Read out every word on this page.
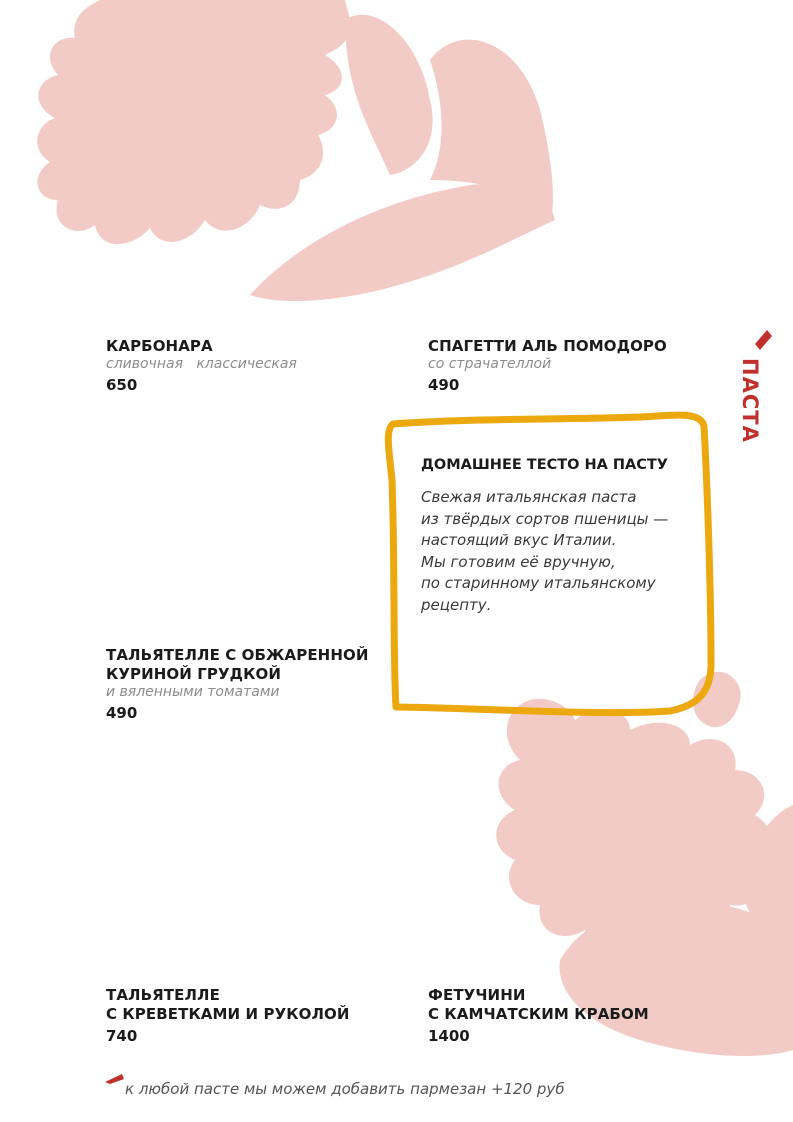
ПАСТА

КАРБОНАРА

сливочная   классическая

650

СПАГЕТТИ АЛЬ ПОМОДОРО

со страчателлой

490

ТАЛЬЯТЕЛЛЕ С ОБЖАРЕННОЙ
КУРИНОЙ ГРУДКОЙ

и вяленными томатами

490

ТАЛЬЯТЕЛЛЕ
С КРЕВЕТКАМИ И РУКОЛОЙ

740

ФЕТУЧИНИ
С КАМЧАТСКИМ КРАБОМ

1400

ДОМАШНЕЕ ТЕСТО НА ПАСТУ

Свежая итальянская паста
из твёрдых сортов пшеницы —
настоящий вкус Италии.
Мы готовим её вручную,
по старинному итальянскому
рецепту.

к любой пасте мы можем добавить пармезан +120 руб
